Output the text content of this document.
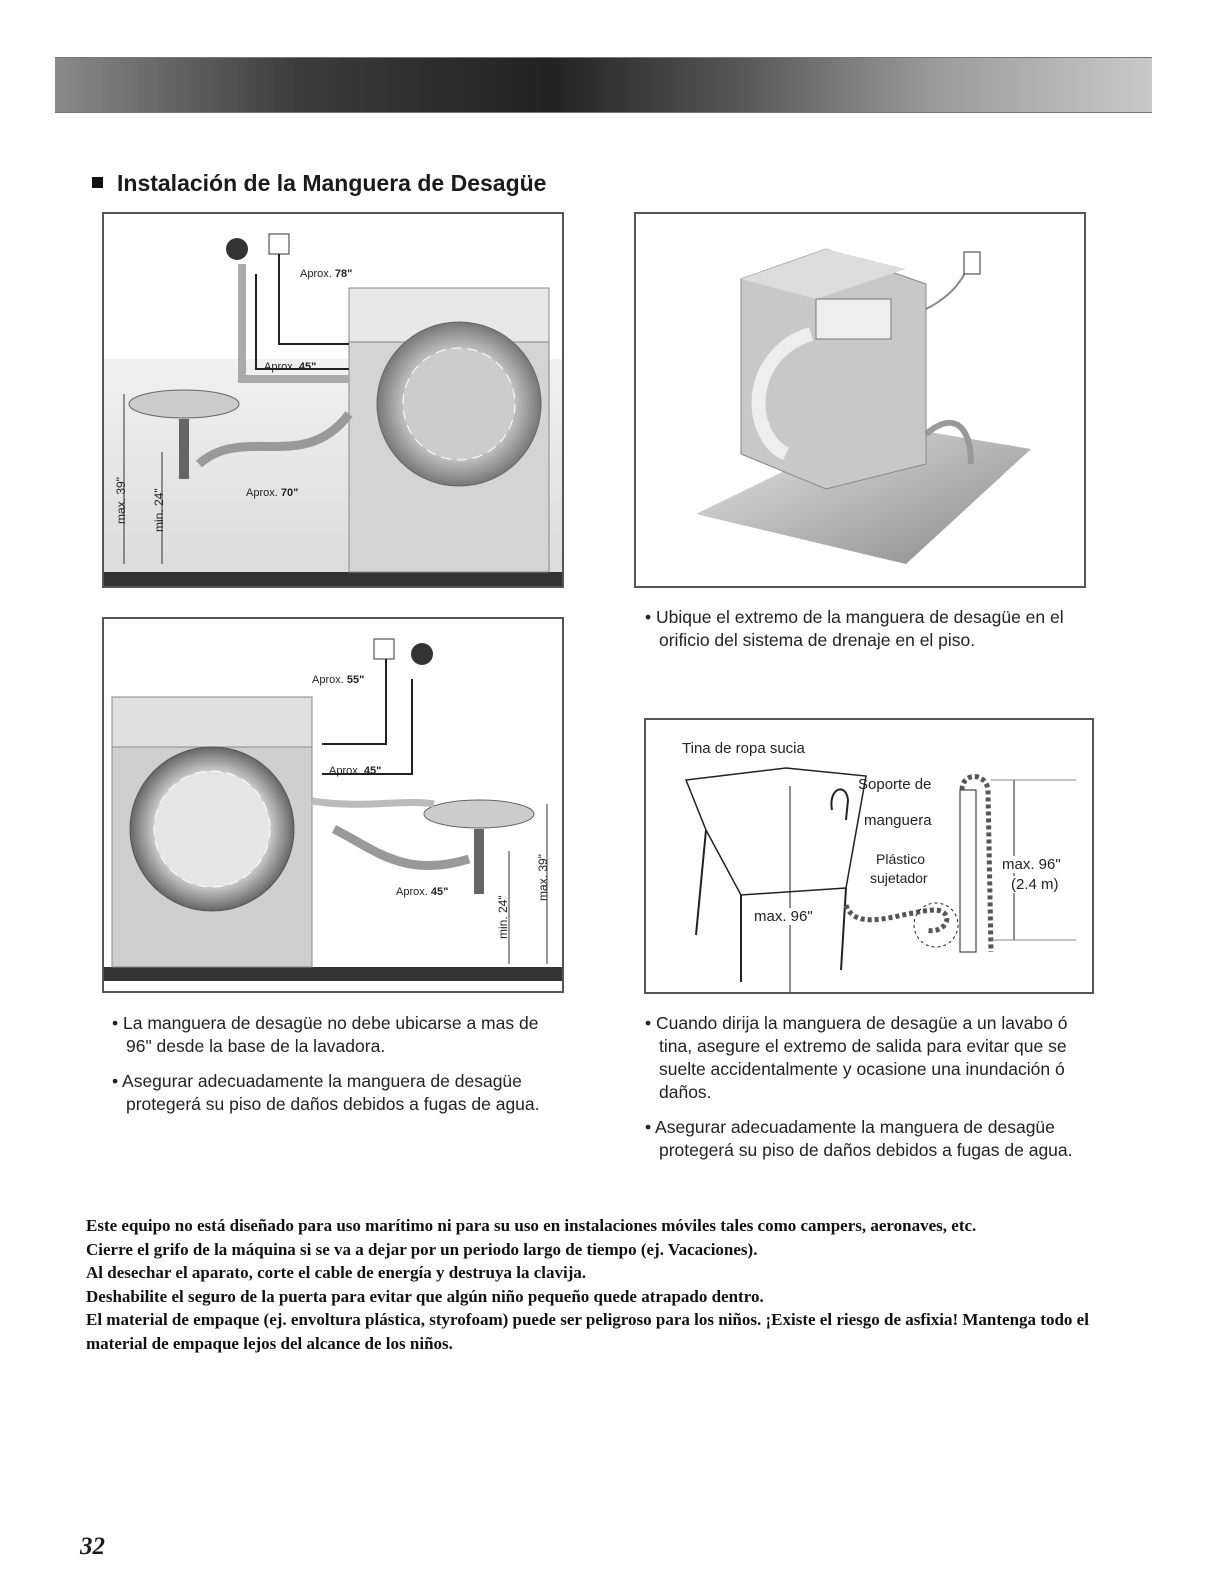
Instalación de la Manguera de Desagüe
Aprox. 78"
Aprox. 45"
Aprox. 70"
max. 39" min. 24"

• Ubique el extremo de la manguera de desagüe en el orificio del sistema de drenaje en el piso.

Aprox. 55"
Aprox. 45"
Aprox. 45"	max. 39"
min. 24"
Tina de ropa sucia
Soporte de
manguera
Plástico
sujetador
max. 96"
max. 96"
(2.4 m)

• La manguera de desagüe no debe ubicarse a mas de 96" desde la base de la lavadora.

• Asegurar adecuadamente la manguera de desagüe protegerá su piso de daños debidos a fugas de agua.

• Cuando dirija la manguera de desagüe a un lavabo ó tina, asegure el extremo de salida para evitar que se suelte accidentalmente y ocasione una inundación ó daños.

• Asegurar adecuadamente la manguera de desagüe protegerá su piso de daños debidos a fugas de agua.

Este equipo no está diseñado para uso marítimo ni para su uso en instalaciones móviles tales como campers, aeronaves, etc.
Cierre el grifo de la máquina si se va a dejar por un periodo largo de tiempo (ej. Vacaciones).
Al desechar el aparato, corte el cable de energía y destruya la clavija.
Deshabilite el seguro de la puerta para evitar que algún niño pequeño quede atrapado dentro.
El material de empaque (ej. envoltura plástica, styrofoam) puede ser peligroso para los niños. ¡Existe el riesgo de asfixia! Mantenga todo el material de empaque lejos del alcance de los niños.
32
